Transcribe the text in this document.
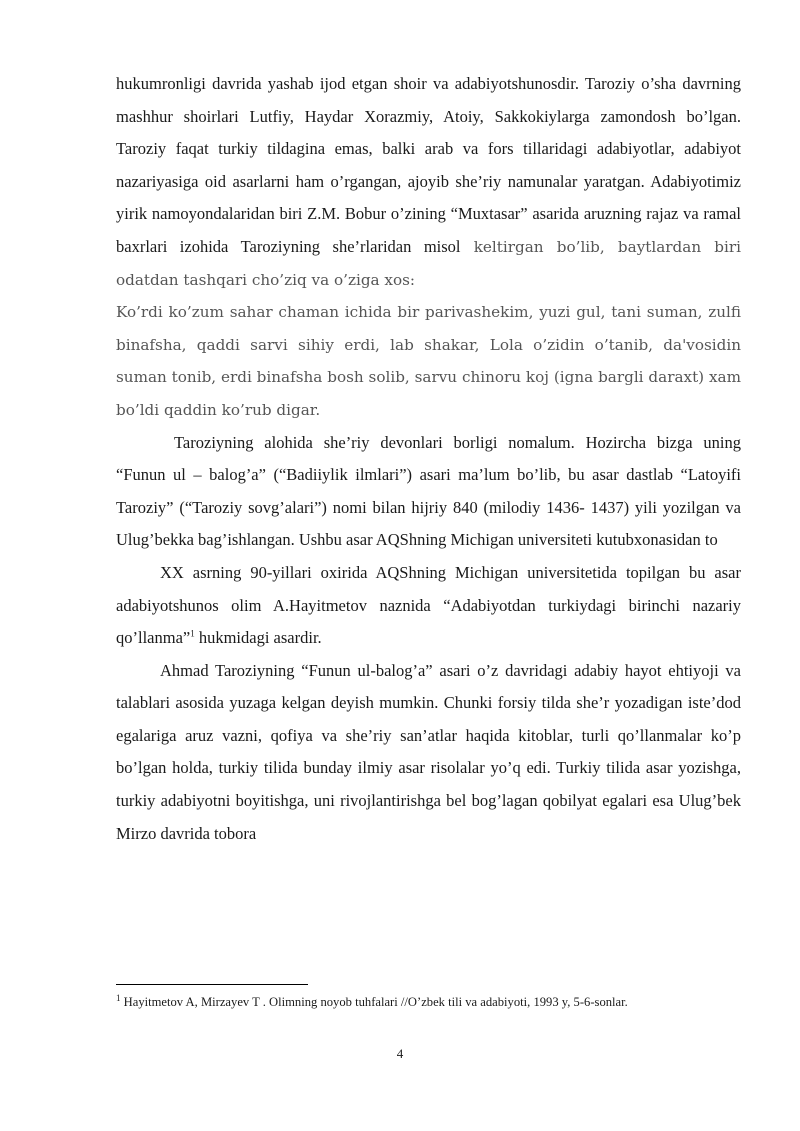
hukumronligi davrida yashab ijod etgan shoir va adabiyotshunosdir. Taroziy o’sha davrning mashhur shoirlari Lutfiy, Haydar Xorazmiy, Atoiy, Sakkokiylarga zamondosh bo’lgan. Taroziy faqat turkiy tildagina emas, balki arab va fors tillaridagi adabiyotlar, adabiyot nazariyasiga oid asarlarni ham o’rgangan, ajoyib she’riy namunalar yaratgan. Adabiyotimiz yirik namoyondalaridan biri Z.M. Bobur o’zining “Muxtasar” asarida aruzning rajaz va ramal baxrlari izohida Taroziyning she’rlaridan misol keltirgan bo’lib, baytlardan biri odatdan tashqari cho’ziq va o’ziga xos:

Ko’rdi ko’zum sahar chaman ichida bir parivashekim, yuzi gul, tani suman, zulfi binafsha, qaddi sarvi sihiy erdi, lab shakar, Lola o’zidin o’tanib, da'vosidin suman tonib, erdi binafsha bosh solib, sarvu chinoru koj (igna bargli daraxt) xam bo’ldi qaddin ko’rub digar.

Taroziyning alohida she’riy devonlari borligi nomalum. Hozircha bizga uning “Funun ul – balog’a” (“Badiiylik ilmlari”) asari ma’lum bo’lib, bu asar dastlab “Latoyifi Taroziy” (“Taroziy sovg’alari”) nomi bilan hijriy 840 (milodiy 1436- 1437) yili yozilgan va Ulug’bekka bag’ishlangan. Ushbu asar AQShning Michigan universiteti kutubxonasidan to

XX asrning 90-yillari oxirida AQShning Michigan universitetida topilgan bu asar adabiyotshunos olim A.Hayitmetov naznida “Adabiyotdan turkiydagi birinchi nazariy qo’llanma”$^1$ hukmidagi asardir.

Ahmad Taroziyning “Funun ul-balog’a” asari o’z davridagi adabiy hayot ehtiyoji va talablari asosida yuzaga kelgan deyish mumkin. Chunki forsiy tilda she’r yozadigan iste’dod egalariga aruz vazni, qofiya va she’riy san’atlar haqida kitoblar, turli qo’llanmalar ko’p bo’lgan holda, turkiy tilida bunday ilmiy asar risolalar yo’q edi. Turkiy tilida asar yozishga, turkiy adabiyotni boyitishga, uni rivojlantirishga bel bog’lagan qobilyat egalari esa Ulug’bek Mirzo davrida tobora

$^1$ Hayitmetov A, Mirzayev T . Olimning noyob tuhfalari //O’zbek tili va adabiyoti, 1993 y, 5-6-sonlar.
4
